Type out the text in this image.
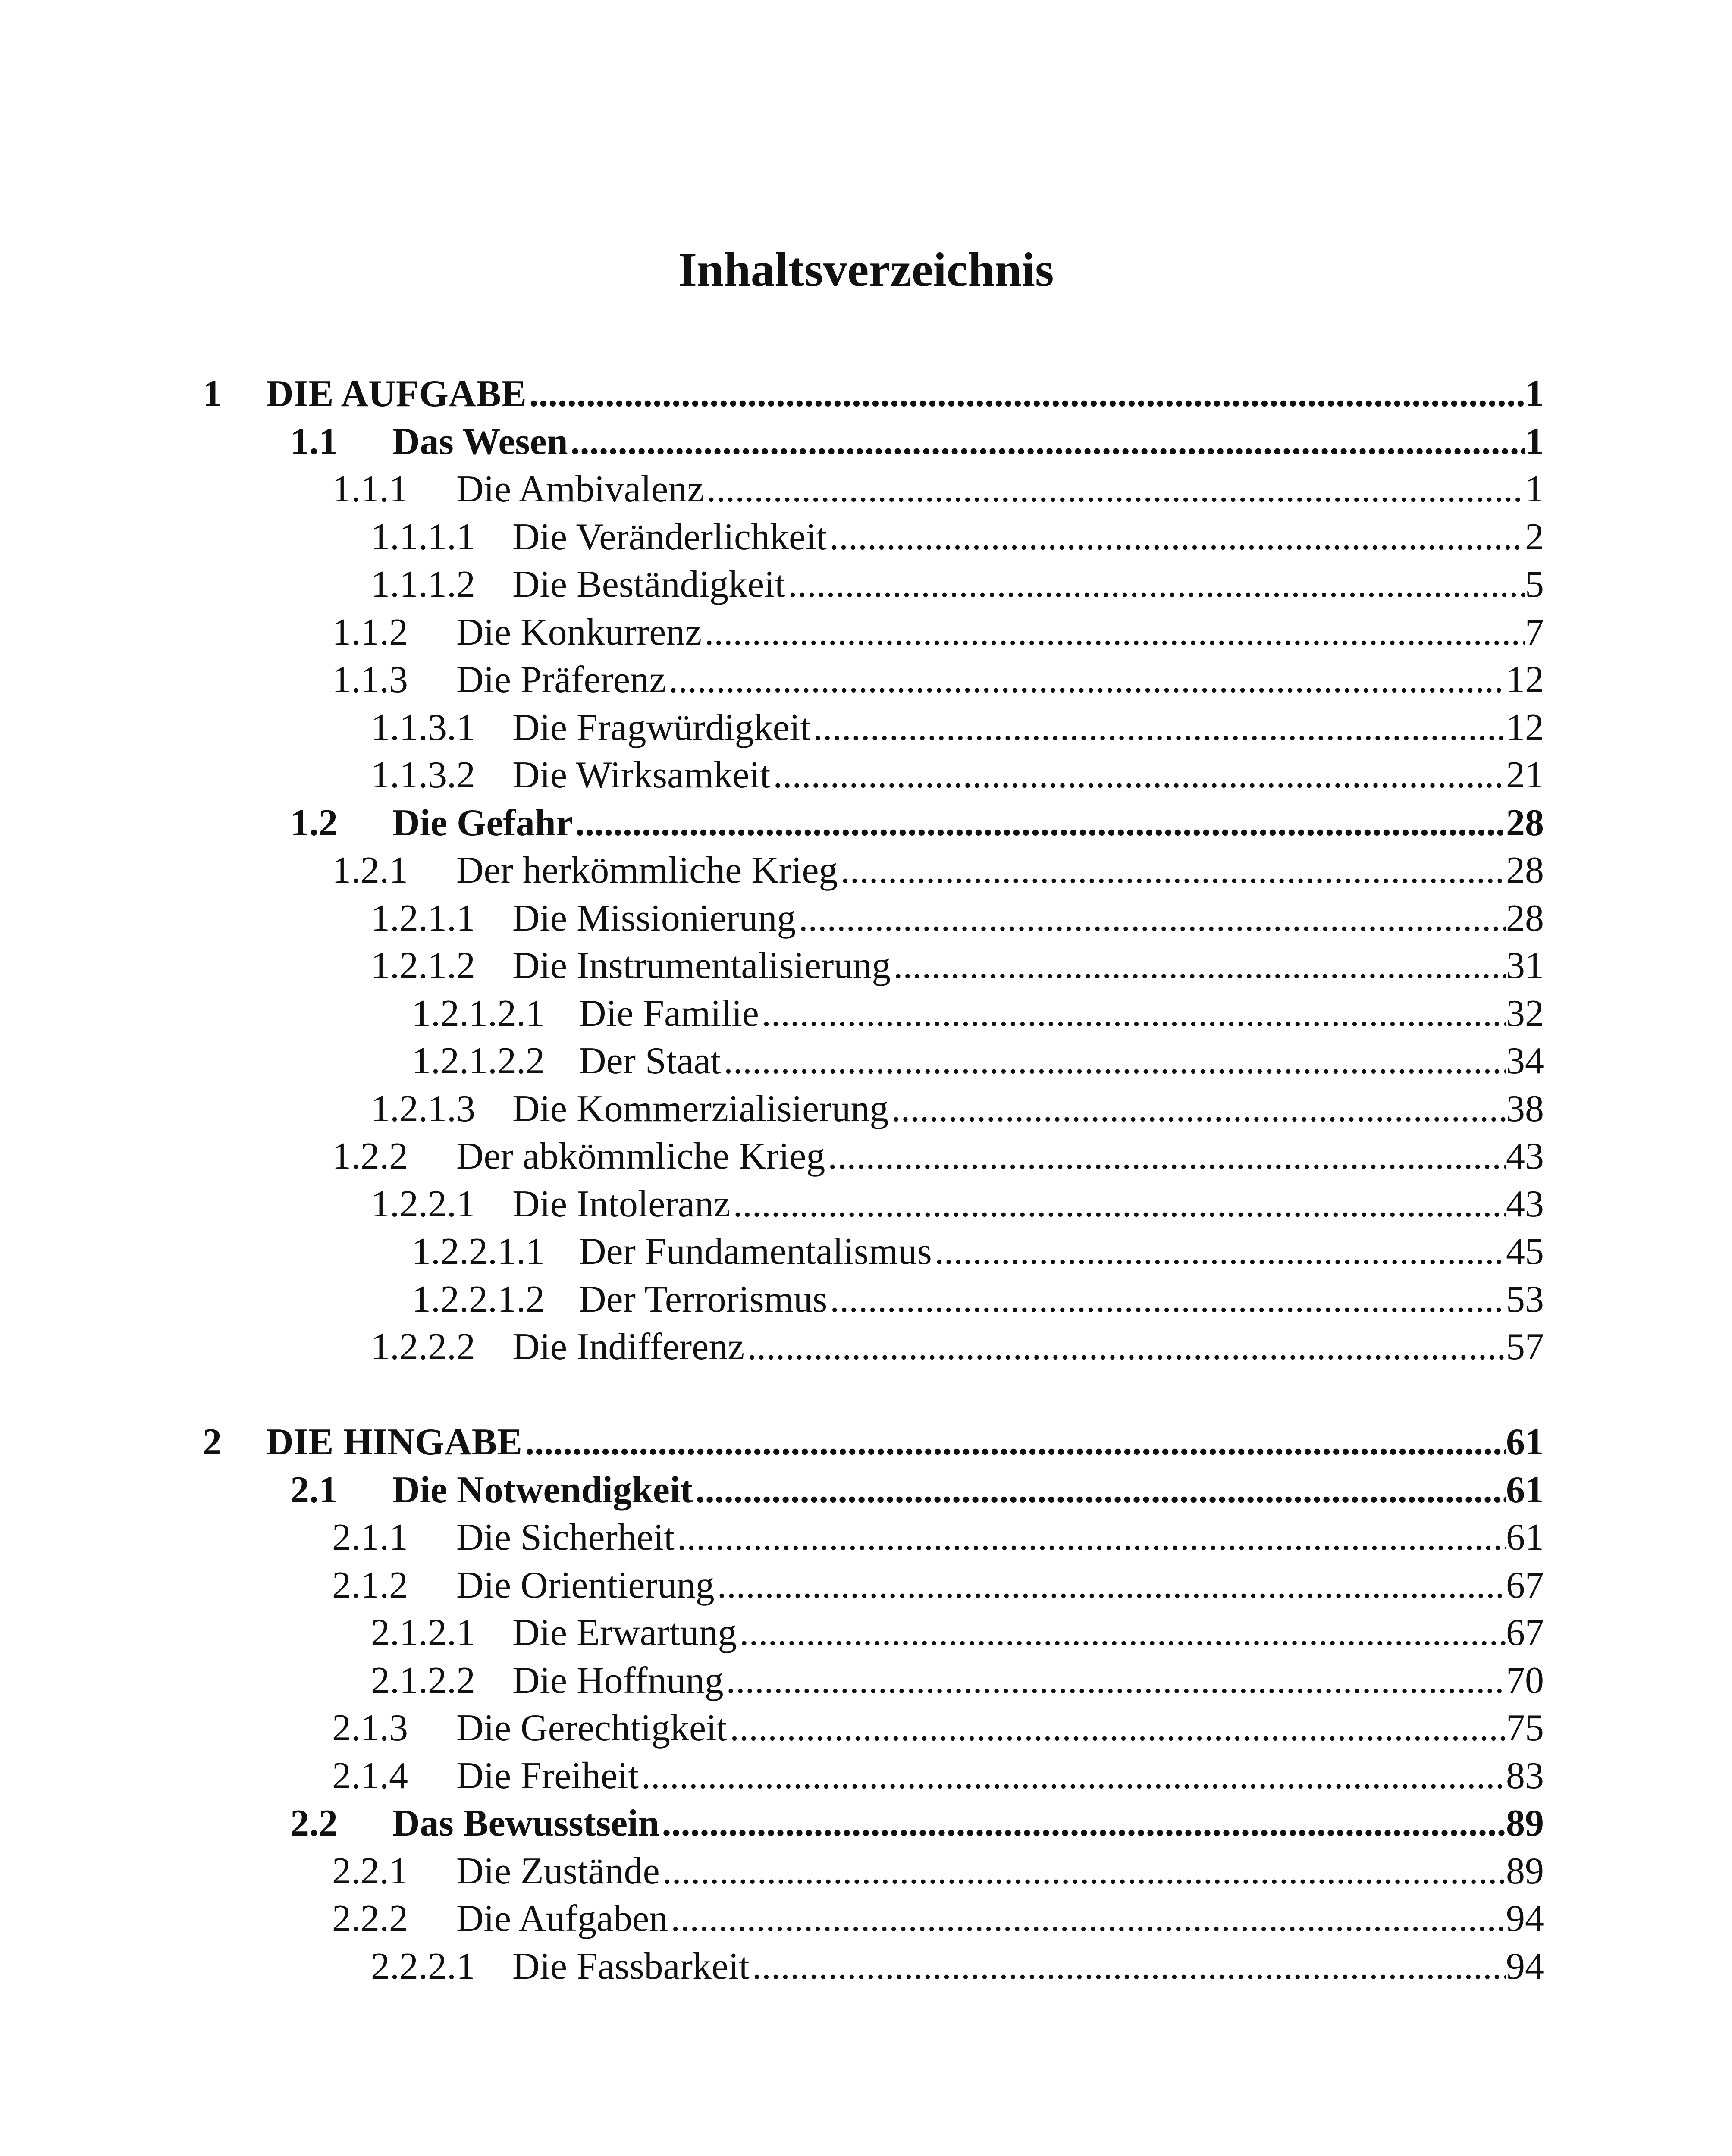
Inhaltsverzeichnis
1 DIE AUFGABE .....	1
1.1 Das Wesen .....	1
1.1.1 Die Ambivalenz .....	1
1.1.1.1 Die Veränderlichkeit .....	2
1.1.1.2 Die Beständigkeit .....	5
1.1.2 Die Konkurrenz .....	7
1.1.3 Die Präferenz .....	12
1.1.3.1 Die Fragwürdigkeit .....	12
1.1.3.2 Die Wirksamkeit .....	21
1.2 Die Gefahr .....	28
1.2.1 Der herkömmliche Krieg .....	28
1.2.1.1 Die Missionierung .....	28
1.2.1.2 Die Instrumentalisierung .....	31
1.2.1.2.1 Die Familie .....	32
1.2.1.2.2 Der Staat .....	34
1.2.1.3 Die Kommerzialisierung .....	38
1.2.2 Der abkömmliche Krieg .....	43
1.2.2.1 Die Intoleranz .....	43
1.2.2.1.1 Der Fundamentalismus .....	45
1.2.2.1.2 Der Terrorismus .....	53
1.2.2.2 Die Indifferenz .....	57
2 DIE HINGABE .....	61
2.1 Die Notwendigkeit .....	61
2.1.1 Die Sicherheit .....	61
2.1.2 Die Orientierung .....	67
2.1.2.1 Die Erwartung .....	67
2.1.2.2 Die Hoffnung .....	70
2.1.3 Die Gerechtigkeit .....	75
2.1.4 Die Freiheit .....	83
2.2 Das Bewusstsein .....	89
2.2.1 Die Zustände .....	89
2.2.2 Die Aufgaben .....	94
2.2.2.1 Die Fassbarkeit .....	94
